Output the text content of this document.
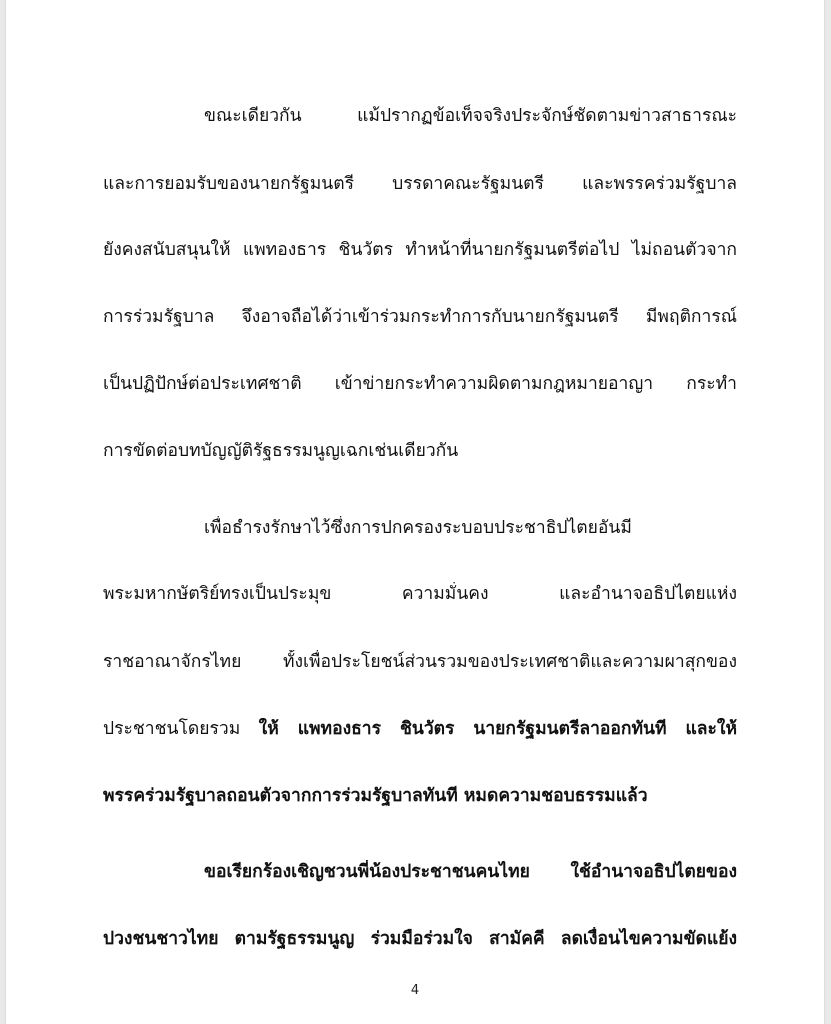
ขณะเดียวกัน แม้ปรากฏข้อเท็จจริงประจักษ์ชัดตามข่าวสาธารณะ
และการยอมรับของนายกรัฐมนตรี บรรดาคณะรัฐมนตรี และพรรคร่วมรัฐบาล
ยังคงสนับสนุนให้ แพทองธาร ชินวัตร ทำหน้าที่นายกรัฐมนตรีต่อไป ไม่ถอนตัวจาก
การร่วมรัฐบาล จึงอาจถือได้ว่าเข้าร่วมกระทำการกับนายกรัฐมนตรี มีพฤติการณ์
เป็นปฏิปักษ์ต่อประเทศชาติ เข้าข่ายกระทำความผิดตามกฎหมายอาญา กระทำ
การขัดต่อบทบัญญัติรัฐธรรมนูญเฉกเช่นเดียวกัน
เพื่อธำรงรักษาไว้ซึ่งการปกครองระบอบประชาธิปไตยอันมี
พระมหากษัตริย์ทรงเป็นประมุข ความมั่นคง และอำนาจอธิปไตยแห่ง
ราชอาณาจักรไทย ทั้งเพื่อประโยชน์ส่วนรวมของประเทศชาติและความผาสุกของ
ประชาชนโดยรวม ให้ แพทองธาร ชินวัตร นายกรัฐมนตรีลาออกทันที และให้
พรรคร่วมรัฐบาลถอนตัวจากการร่วมรัฐบาลทันที หมดความชอบธรรมแล้ว
ขอเรียกร้องเชิญชวนพี่น้องประชาชนคนไทย ใช้อำนาจอธิปไตยของ
ปวงชนชาวไทย ตามรัฐธรรมนูญ ร่วมมือร่วมใจ สามัคคี ลดเงื่อนไขความขัดแย้ง
4
